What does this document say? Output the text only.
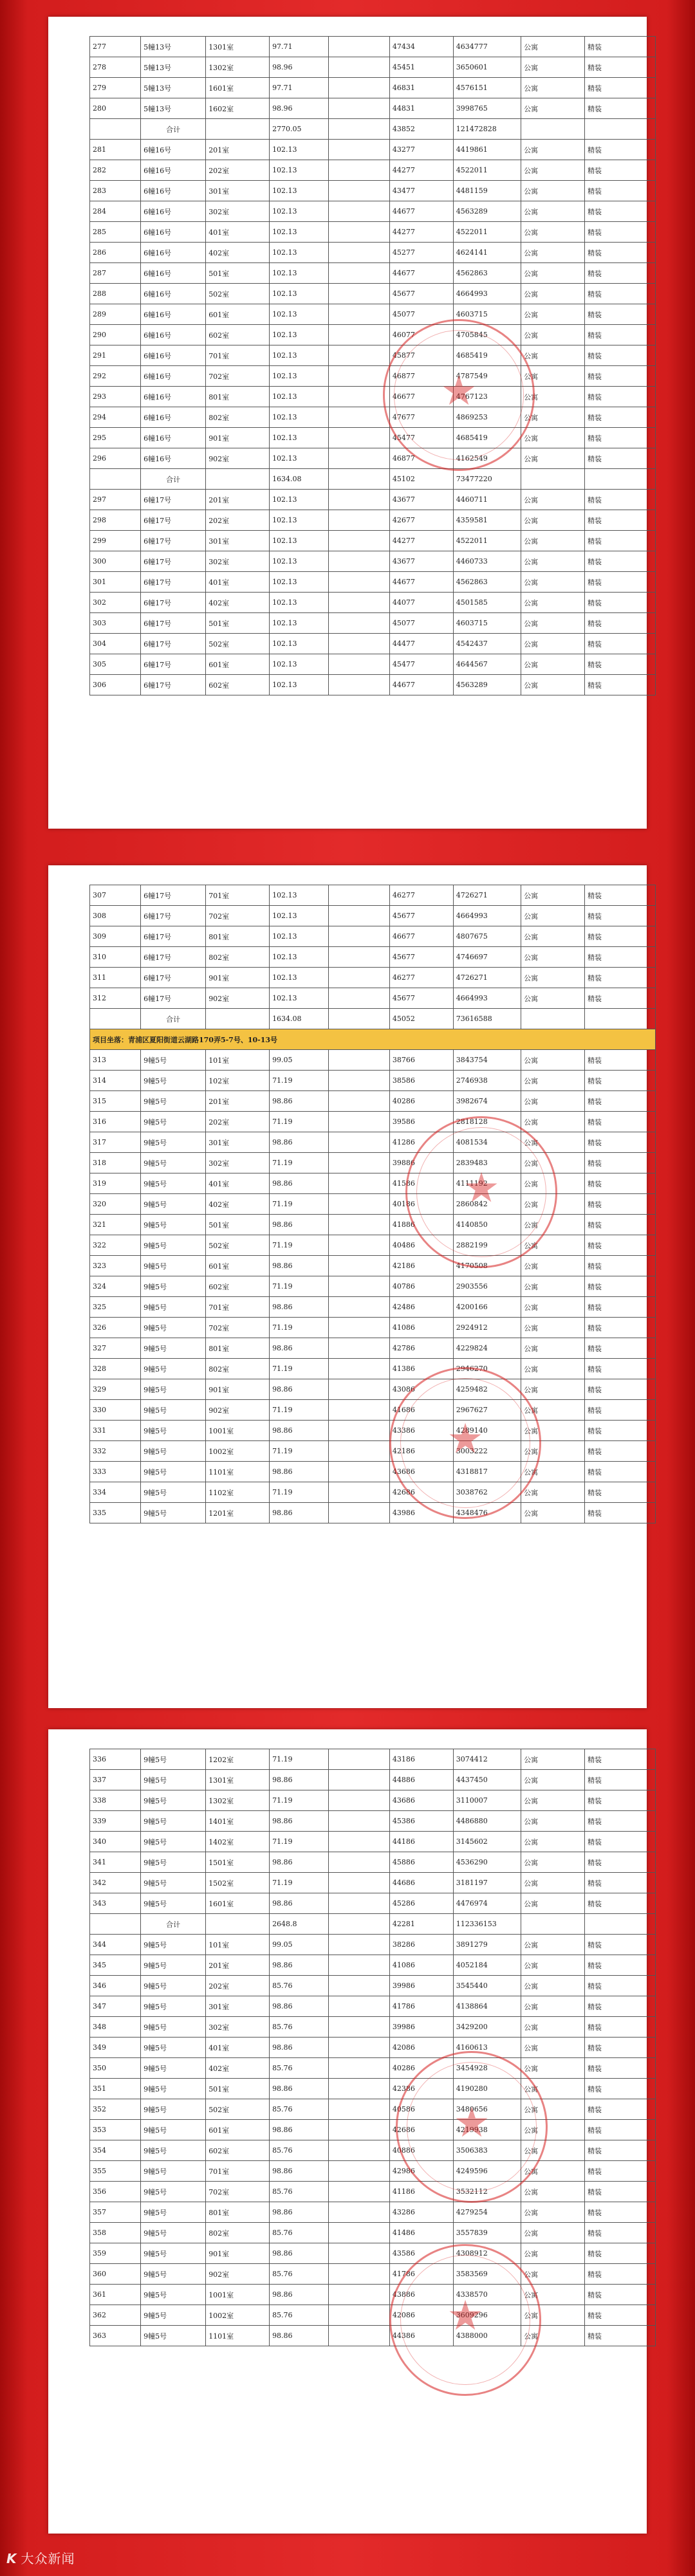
277	5幢13号	1301室	97.71		47434	4634777	公寓	精装
278	5幢13号	1302室	98.96		45451	3650601	公寓	精装
279	5幢13号	1601室	97.71		46831	4576151	公寓	精装
280	5幢13号	1602室	98.96		44831	3998765	公寓	精装
	合计		2770.05		43852	121472828		
281	6幢16号	201室	102.13		43277	4419861	公寓	精装
282	6幢16号	202室	102.13		44277	4522011	公寓	精装
283	6幢16号	301室	102.13		43477	4481159	公寓	精装
284	6幢16号	302室	102.13		44677	4563289	公寓	精装
285	6幢16号	401室	102.13		44277	4522011	公寓	精装
286	6幢16号	402室	102.13		45277	4624141	公寓	精装
287	6幢16号	501室	102.13		44677	4562863	公寓	精装
288	6幢16号	502室	102.13		45677	4664993	公寓	精装
289	6幢16号	601室	102.13		45077	4603715	公寓	精装
290	6幢16号	602室	102.13		46077	4705845	公寓	精装
291	6幢16号	701室	102.13		45877	4685419	公寓	精装
292	6幢16号	702室	102.13		46877	4787549	公寓	精装
293	6幢16号	801室	102.13		46677	4767123	公寓	精装
294	6幢16号	802室	102.13		47677	4869253	公寓	精装
295	6幢16号	901室	102.13		45477	4685419	公寓	精装
296	6幢16号	902室	102.13		46877	4162549	公寓	精装
	合计		1634.08		45102	73477220		
297	6幢17号	201室	102.13		43677	4460711	公寓	精装
298	6幢17号	202室	102.13		42677	4359581	公寓	精装
299	6幢17号	301室	102.13		44277	4522011	公寓	精装
300	6幢17号	302室	102.13		43677	4460733	公寓	精装
301	6幢17号	401室	102.13		44677	4562863	公寓	精装
302	6幢17号	402室	102.13		44077	4501585	公寓	精装
303	6幢17号	501室	102.13		45077	4603715	公寓	精装
304	6幢17号	502室	102.13		44477	4542437	公寓	精装
305	6幢17号	601室	102.13		45477	4644567	公寓	精装
306	6幢17号	602室	102.13		44677	4563289	公寓	精装
★
307	6幢17号	701室	102.13		46277	4726271	公寓	精装
308	6幢17号	702室	102.13		45677	4664993	公寓	精装
309	6幢17号	801室	102.13		46677	4807675	公寓	精装
310	6幢17号	802室	102.13		45677	4746697	公寓	精装
311	6幢17号	901室	102.13		46277	4726271	公寓	精装
312	6幢17号	902室	102.13		45677	4664993	公寓	精装
	合计		1634.08		45052	73616588		
项目坐落：青浦区夏阳街道云湖路170弄5-7号、10-13号								
313	9幢5号	101室	99.05		38766	3843754	公寓	精装
314	9幢5号	102室	71.19		38586	2746938	公寓	精装
315	9幢5号	201室	98.86		40286	3982674	公寓	精装
316	9幢5号	202室	71.19		39586	2818128	公寓	精装
317	9幢5号	301室	98.86		41286	4081534	公寓	精装
318	9幢5号	302室	71.19		39886	2839483	公寓	精装
319	9幢5号	401室	98.86		41586	4111192	公寓	精装
320	9幢5号	402室	71.19		40186	2860842	公寓	精装
321	9幢5号	501室	98.86		41886	4140850	公寓	精装
322	9幢5号	502室	71.19		40486	2882199	公寓	精装
323	9幢5号	601室	98.86		42186	4170508	公寓	精装
324	9幢5号	602室	71.19		40786	2903556	公寓	精装
325	9幢5号	701室	98.86		42486	4200166	公寓	精装
326	9幢5号	702室	71.19		41086	2924912	公寓	精装
327	9幢5号	801室	98.86		42786	4229824	公寓	精装
328	9幢5号	802室	71.19		41386	2946270	公寓	精装
329	9幢5号	901室	98.86		43086	4259482	公寓	精装
330	9幢5号	902室	71.19		41686	2967627	公寓	精装
331	9幢5号	1001室	98.86		43386	4289140	公寓	精装
332	9幢5号	1002室	71.19		42186	3003222	公寓	精装
333	9幢5号	1101室	98.86		43686	4318817	公寓	精装
334	9幢5号	1102室	71.19		42686	3038762	公寓	精装
335	9幢5号	1201室	98.86		43986	4348476	公寓	精装
★
★
336	9幢5号	1202室	71.19		43186	3074412	公寓	精装
337	9幢5号	1301室	98.86		44886	4437450	公寓	精装
338	9幢5号	1302室	71.19		43686	3110007	公寓	精装
339	9幢5号	1401室	98.86		45386	4486880	公寓	精装
340	9幢5号	1402室	71.19		44186	3145602	公寓	精装
341	9幢5号	1501室	98.86		45886	4536290	公寓	精装
342	9幢5号	1502室	71.19		44686	3181197	公寓	精装
343	9幢5号	1601室	98.86		45286	4476974	公寓	精装
	合计		2648.8		42281	112336153		
344	9幢5号	101室	99.05		38286	3891279	公寓	精装
345	9幢5号	201室	98.86		41086	4052184	公寓	精装
346	9幢5号	202室	85.76		39986	3545440	公寓	精装
347	9幢5号	301室	98.86		41786	4138864	公寓	精装
348	9幢5号	302室	85.76		39986	3429200	公寓	精装
349	9幢5号	401室	98.86		42086	4160613	公寓	精装
350	9幢5号	402室	85.76		40286	3454928	公寓	精装
351	9幢5号	501室	98.86		42386	4190280	公寓	精装
352	9幢5号	502室	85.76		40586	3480656	公寓	精装
353	9幢5号	601室	98.86		42686	4219938	公寓	精装
354	9幢5号	602室	85.76		40886	3506383	公寓	精装
355	9幢5号	701室	98.86		42986	4249596	公寓	精装
356	9幢5号	702室	85.76		41186	3532112	公寓	精装
357	9幢5号	801室	98.86		43286	4279254	公寓	精装
358	9幢5号	802室	85.76		41486	3557839	公寓	精装
359	9幢5号	901室	98.86		43586	4308912	公寓	精装
360	9幢5号	902室	85.76		41786	3583569	公寓	精装
361	9幢5号	1001室	98.86		43886	4338570	公寓	精装
362	9幢5号	1002室	85.76		42086	3609296	公寓	精装
363	9幢5号	1101室	98.86		44386	4388000	公寓	精装
★
★
K 大众新闻
